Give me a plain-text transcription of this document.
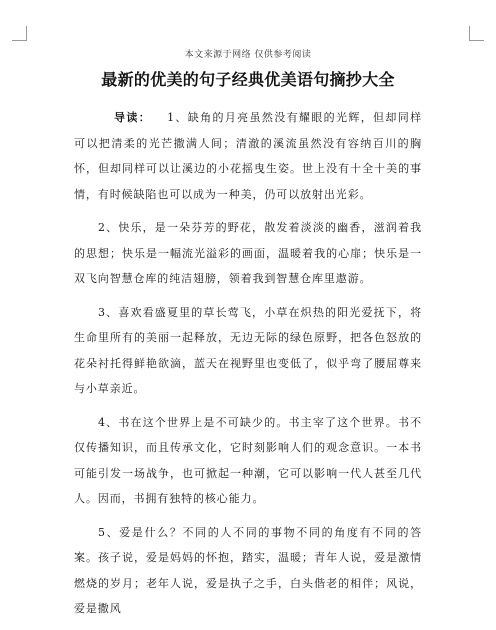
本文来源于网络 仅供参考阅读
最新的优美的句子经典优美语句摘抄大全

导读： 1、缺角的月亮虽然没有耀眼的光辉，但却同样可以把清柔的光芒撒满人间；清澈的溪流虽然没有容纳百川的胸怀，但却同样可以让溪边的小花摇曳生姿。世上没有十全十美的事情，有时候缺陷也可以成为一种美，仍可以放射出光彩。

2、快乐，是一朵芬芳的野花，散发着淡淡的幽香，滋润着我的思想；快乐是一幅流光溢彩的画面，温暖着我的心扉；快乐是一双飞向智慧仓库的纯洁翅膀，领着我到智慧仓库里遨游。

3、喜欢看盛夏里的草长莺飞，小草在炽热的阳光爱抚下，将生命里所有的美丽一起释放，无边无际的绿色原野，把各色怒放的花朵衬托得鲜艳欲滴，蓝天在视野里也变低了，似乎弯了腰屈尊来与小草亲近。

4、书在这个世界上是不可缺少的。书主宰了这个世界。书不仅传播知识，而且传承文化，它时刻影响人们的观念意识。一本书可能引发一场战争，也可掀起一种潮，它可以影响一代人甚至几代人。因而，书拥有独特的核心能力。

5、爱是什么？不同的人不同的事物不同的角度有不同的答案。孩子说，爱是妈妈的怀抱，踏实，温暖；青年人说，爱是激情燃烧的岁月；老年人说，爱是执子之手，白头偕老的相伴；风说，爱是撒风
